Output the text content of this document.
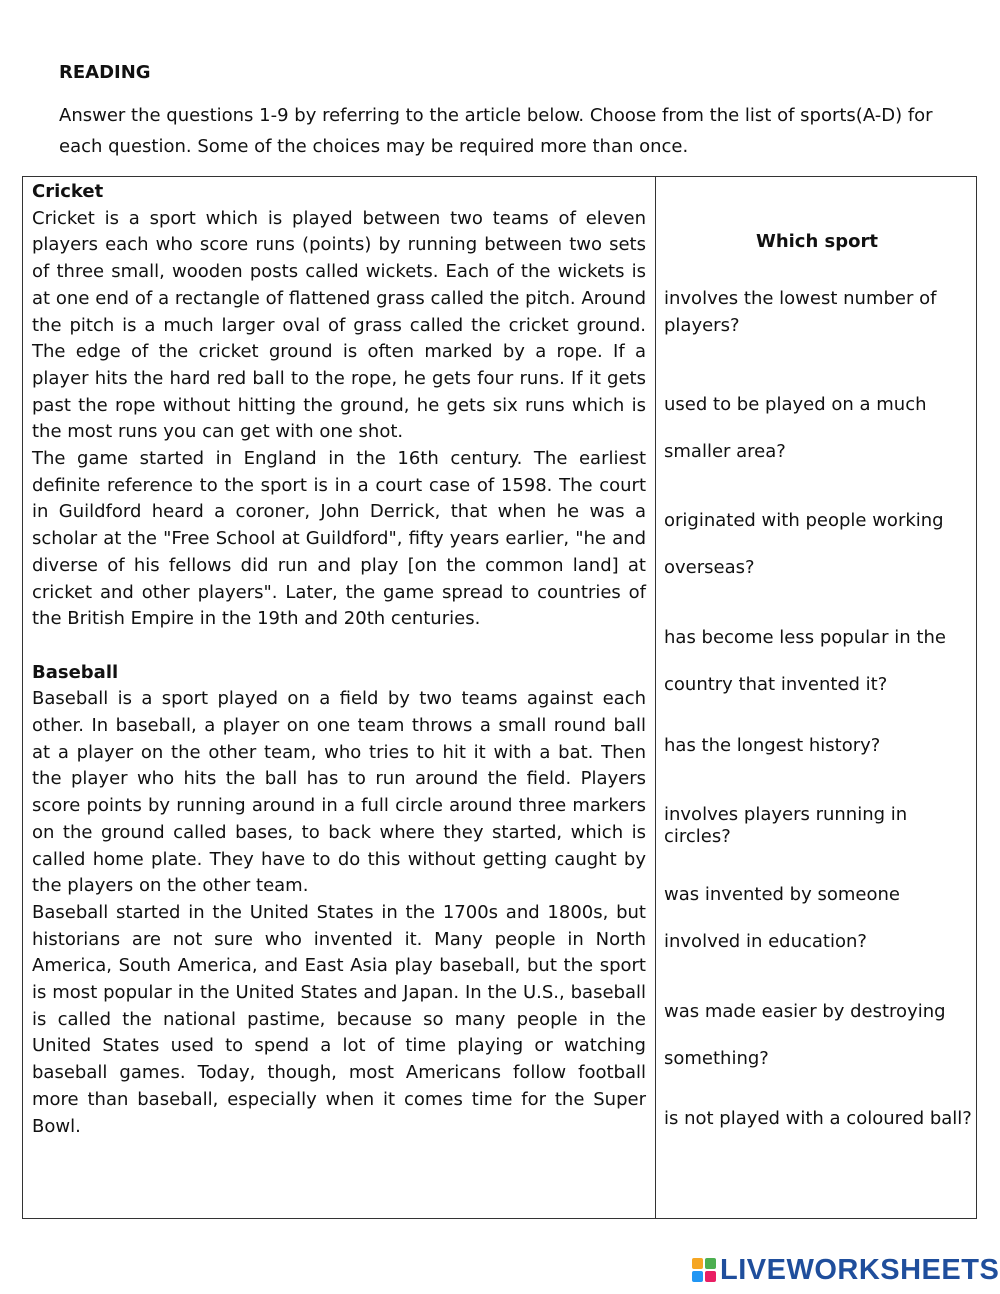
READING
Answer the questions 1-9 by referring to the article below. Choose from the list of sports(A-D) for each question. Some of the choices may be required more than once.
Cricket

Cricket is a sport which is played between two teams of eleven players each who score runs (points) by running between two sets of three small, wooden posts called wickets. Each of the wickets is at one end of a rectangle of flattened grass called the pitch. Around the pitch is a much larger oval of grass called the cricket ground. The edge of the cricket ground is often marked by a rope. If a player hits the hard red ball to the rope, he gets four runs. If it gets past the rope without hitting the ground, he gets six runs which is the most runs you can get with one shot.

The game started in England in the 16th century. The earliest definite reference to the sport is in a court case of 1598. The court in Guildford heard a coroner, John Derrick, that when he was a scholar at the "Free School at Guildford", fifty years earlier, "he and diverse of his fellows did run and play [on the common land] at cricket and other players". Later, the game spread to countries of the British Empire in the 19th and 20th centuries.

Baseball

Baseball is a sport played on a field by two teams against each other. In baseball, a player on one team throws a small round ball at a player on the other team, who tries to hit it with a bat. Then the player who hits the ball has to run around the field. Players score points by running around in a full circle around three markers on the ground called bases, to back where they started, which is called home plate. They have to do this without getting caught by the players on the other team.

Baseball started in the United States in the 1700s and 1800s, but historians are not sure who invented it. Many people in North America, South America, and East Asia play baseball, but the sport is most popular in the United States and Japan. In the U.S., baseball is called the national pastime, because so many people in the United States used to spend a lot of time playing or watching baseball games. Today, though, most Americans follow football more than baseball, especially when it comes time for the Super Bowl.

Which sport
involves the lowest number of
players?
used to be played on a much
smaller area?
originated with people working
overseas?
has become less popular in the
country that invented it?
has the longest history?
involves players running in circles?
was invented by someone
involved in education?
was made easier by destroying
something?
is not played with a coloured ball?
LIVEWORKSHEETS
